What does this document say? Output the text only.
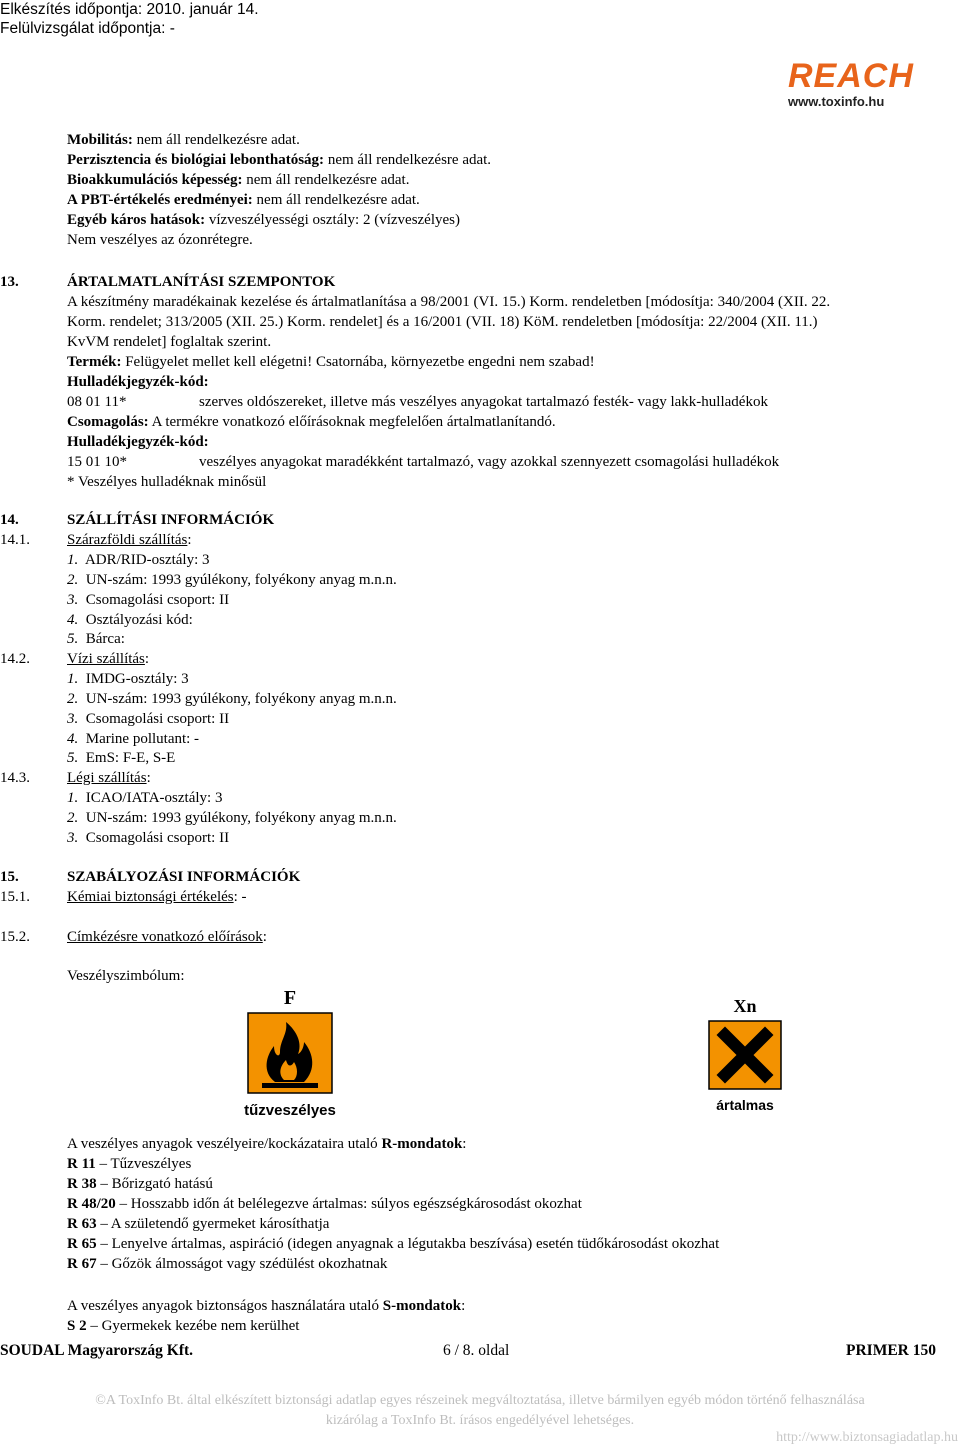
Elkészítés időpontja: 2010. január 14.
Felülvizsgálat időpontja: -
REACH
www.toxinfo.hu
Mobilitás: nem áll rendelkezésre adat.
Perzisztencia és biológiai lebonthatóság: nem áll rendelkezésre adat.
Bioakkumulációs képesség: nem áll rendelkezésre adat.
A PBT-értékelés eredményei: nem áll rendelkezésre adat.
Egyéb káros hatások: vízveszélyességi osztály: 2 (vízveszélyes)
Nem veszélyes az ózonrétegre.
13.	ÁRTALMATLANÍTÁSI SZEMPONTOK
A készítmény maradékainak kezelése és ártalmatlanítása a 98/2001 (VI. 15.) Korm. rendeletben [módosítja: 340/2004 (XII. 22.
Korm. rendelet; 313/2005 (XII. 25.) Korm. rendelet] és a 16/2001 (VII. 18) KöM. rendeletben [módosítja: 22/2004 (XII. 11.)
KvVM rendelet] foglaltak szerint.
Termék: Felügyelet mellet kell elégetni! Csatornába, környezetbe engedni nem szabad!
Hulladékjegyzék-kód:
08 01 11*	szerves oldószereket, illetve más veszélyes anyagokat tartalmazó festék- vagy lakk-hulladékok
Csomagolás: A termékre vonatkozó előírásoknak megfelelően ártalmatlanítandó.
Hulladékjegyzék-kód:
15 01 10*	veszélyes anyagokat maradékként tartalmazó, vagy azokkal szennyezett csomagolási hulladékok
* Veszélyes hulladéknak minősül
14.	SZÁLLÍTÁSI INFORMÁCIÓK
14.1.	Szárazföldi szállítás:
1. ADR/RID-osztály: 3
2. UN-szám: 1993 gyúlékony, folyékony anyag m.n.n.
3. Csomagolási csoport: II
4. Osztályozási kód:
5. Bárca:
14.2.	Vízi szállítás:
1. IMDG-osztály: 3
2. UN-szám: 1993 gyúlékony, folyékony anyag m.n.n.
3. Csomagolási csoport: II
4. Marine pollutant: -
5. EmS: F-E, S-E
14.3.	Légi szállítás:
1. ICAO/IATA-osztály: 3
2. UN-szám: 1993 gyúlékony, folyékony anyag m.n.n.
3. Csomagolási csoport: II
15.	SZABÁLYOZÁSI INFORMÁCIÓK
15.1.	Kémiai biztonsági értékelés: -
15.2.	Címkézésre vonatkozó előírások:
Veszélyszimbólum:
F
tűzveszélyes
Xn
ártalmas
A veszélyes anyagok veszélyeire/kockázataira utaló R-mondatok:
R 11 – Tűzveszélyes
R 38 – Bőrizgató hatású
R 48/20 – Hosszabb időn át belélegezve ártalmas: súlyos egészségkárosodást okozhat
R 63 – A születendő gyermeket károsíthatja
R 65 – Lenyelve ártalmas, aspiráció (idegen anyagnak a légutakba beszívása) esetén tüdőkárosodást okozhat
R 67 – Gőzök álmosságot vagy szédülést okozhatnak
A veszélyes anyagok biztonságos használatára utaló S-mondatok:
S 2 – Gyermekek kezébe nem kerülhet
SOUDAL Magyarország Kft.	6 / 8. oldal	PRIMER 150
©A ToxInfo Bt. által elkészített biztonsági adatlap egyes részeinek megváltoztatása, illetve bármilyen egyéb módon történő felhasználása
kizárólag a ToxInfo Bt. írásos engedélyével lehetséges.
http://www.biztonsagiadatlap.hu
